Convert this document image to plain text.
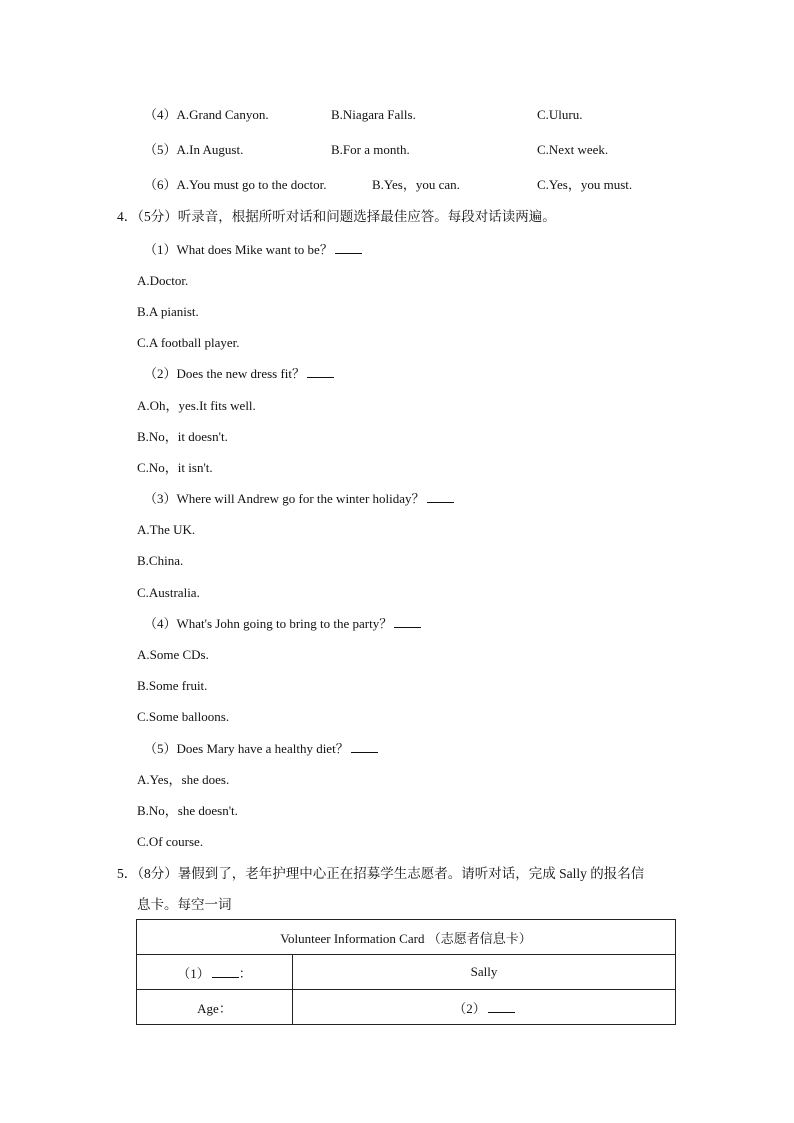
（4）A.Grand Canyon.	B.Niagara Falls.	C.Uluru.
（5）A.In August.	B.For a month.	C.Next week.
（6）A.You must go to the doctor.	B.Yes，you can.	C.Yes，you must.
4．（5分）听录音，根据所听对话和问题选择最佳应答。每段对话读两遍。
（1）What does Mike want to be？
A.Doctor.
B.A pianist.
C.A football player.
（2）Does the new dress fit？
A.Oh，yes.It fits well.
B.No，it doesn't.
C.No，it isn't.
（3）Where will Andrew go for the winter holiday？
A.The UK.
B.China.
C.Australia.
（4）What's John going to bring to the party？
A.Some CDs.
B.Some fruit.
C.Some balloons.
（5）Does Mary have a healthy diet？
A.Yes，she does.
B.No，she doesn't.
C.Of course.
5．（8分）暑假到了，老年护理中心正在招募学生志愿者。请听对话，完成 Sally 的报名信
息卡。每空一词
Volunteer Information Card （志愿者信息卡）	
（1） ：	Sally
Age：	（2）
